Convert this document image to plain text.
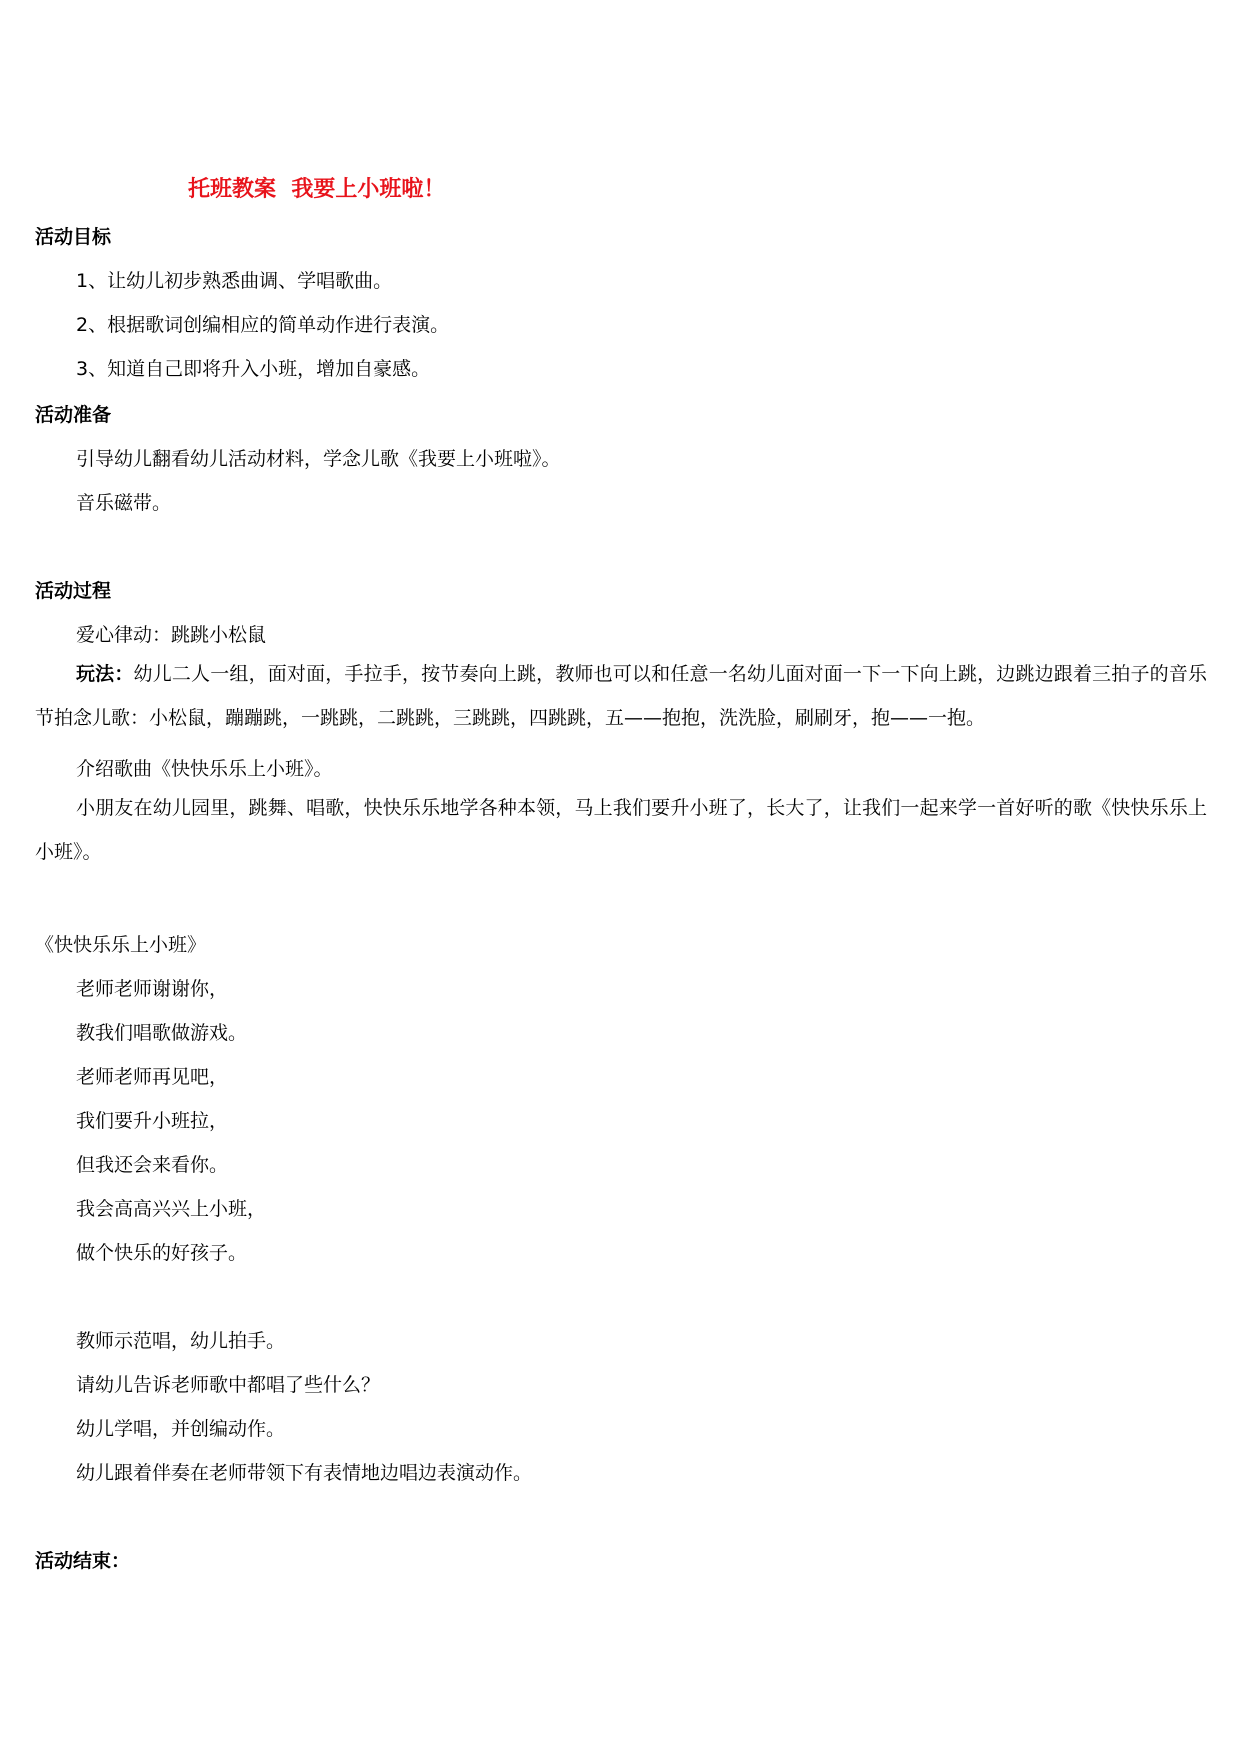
托班教案  我要上小班啦！
活动目标
1、让幼儿初步熟悉曲调、学唱歌曲。
2、根据歌词创编相应的简单动作进行表演。
3、知道自己即将升入小班，增加自豪感。
活动准备
引导幼儿翻看幼儿活动材料，学念儿歌《我要上小班啦》。
音乐磁带。
活动过程
爱心律动：跳跳小松鼠
玩法：幼儿二人一组，面对面，手拉手，按节奏向上跳，教师也可以和任意一名幼儿面对面一下一下向上跳，边跳边跟着三拍子的音乐节拍念儿歌：小松鼠，蹦蹦跳，一跳跳，二跳跳，三跳跳，四跳跳，五——抱抱，洗洗脸，刷刷牙，抱——一抱。
介绍歌曲《快快乐乐上小班》。
小朋友在幼儿园里，跳舞、唱歌，快快乐乐地学各种本领，马上我们要升小班了，长大了，让我们一起来学一首好听的歌《快快乐乐上小班》。
《快快乐乐上小班》
老师老师谢谢你，
教我们唱歌做游戏。
老师老师再见吧，
我们要升小班拉，
但我还会来看你。
我会高高兴兴上小班，
做个快乐的好孩子。
教师示范唱，幼儿拍手。
请幼儿告诉老师歌中都唱了些什么？
幼儿学唱，并创编动作。
幼儿跟着伴奏在老师带领下有表情地边唱边表演动作。
活动结束：
